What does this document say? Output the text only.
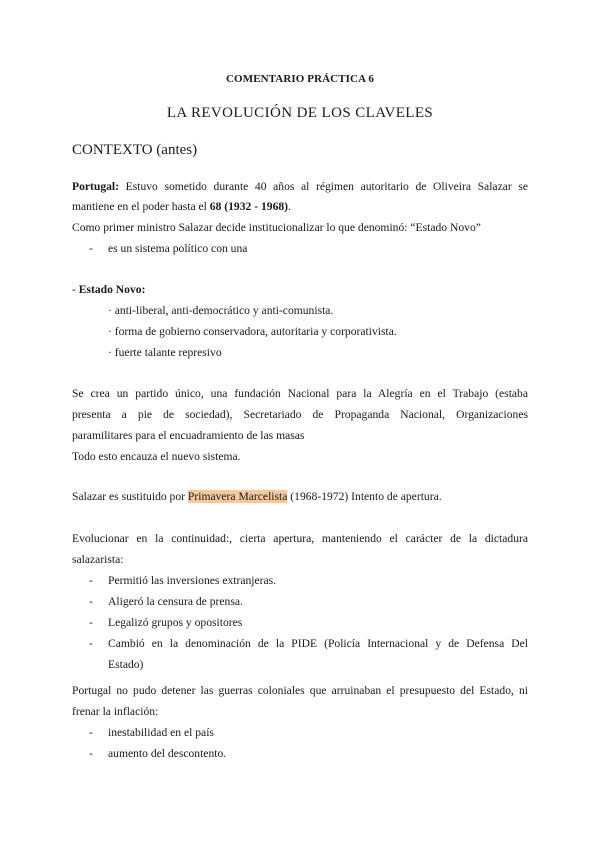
COMENTARIO PRÁCTICA 6
LA REVOLUCIÓN DE LOS CLAVELES
CONTEXTO (antes)
Portugal: Estuvo sometido durante 40 años al régimen autoritario de Oliveira Salazar se
mantiene en el poder hasta el 68 (1932 - 1968).
Como primer ministro Salazar decide institucionalizar lo que denominó: “Estado Novo”
- es un sistema político con una
- Estado Novo:
· anti-liberal, anti-democrático y anti-comunista.
· forma de gobierno conservadora, autoritaria y corporativista.
· fuerte talante represivo
Se crea un partido único, una fundación Nacional para la Alegría en el Trabajo (estaba
presenta a pie de sociedad), Secretariado de Propaganda Nacional, Organizaciones
paramilitares para el encuadramiento de las masas
Todo esto encauza el nuevo sistema.
Salazar es sustituido por Primavera Marcelista (1968-1972) Intento de apertura.
Evolucionar en la continuidad:, cierta apertura, manteniendo el carácter de la dictadura
salazarista:
- Permitió las inversiones extranjeras.
- Aligeró la censura de prensa.
- Legalizó grupos y opositores
- Cambió en la denominación de la PIDE (Policía Internacional y de Defensa Del
Estado)
Portugal no pudo detener las guerras coloniales que arruinaban el presupuesto del Estado, ni
frenar la inflación:
- inestabilidad en el país
- aumento del descontento.
